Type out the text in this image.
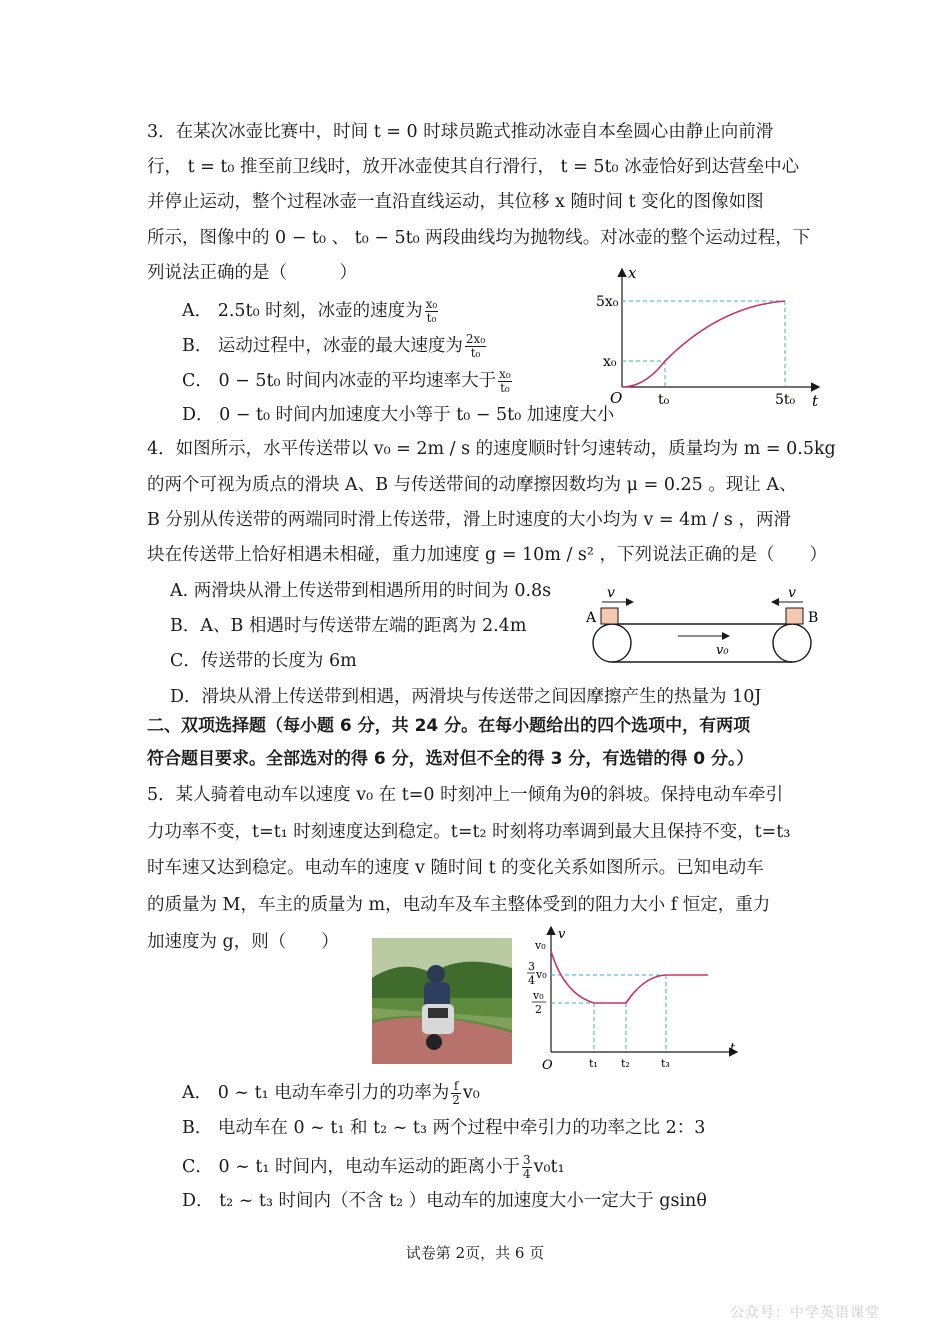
3．在某次冰壶比赛中，时间 t = 0 时球员跪式推动冰壶自本垒圆心由静止向前滑
行， t = t₀ 推至前卫线时，放开冰壶使其自行滑行， t = 5t₀ 冰壶恰好到达营垒中心
并停止运动，整个过程冰壶一直沿直线运动，其位移 x 随时间 t 变化的图像如图
所示，图像中的 0 − t₀ 、 t₀ − 5t₀ 两段曲线均为抛物线。对冰壶的整个运动过程，下
列说法正确的是（　　　）
A． 2.5t₀ 时刻，冰壶的速度为 $\frac{\text{x₀}}{\text{t₀}}$
B． 运动过程中，冰壶的最大速度为 $\frac{\text{2x₀}}{\text{t₀}}$
C． 0 − 5t₀ 时间内冰壶的平均速率大于 $\frac{\text{x₀}}{\text{t₀}}$
D． 0 − t₀ 时间内加速度大小等于 t₀ − 5t₀ 加速度大小
x
t
O
5x₀
x₀
t₀	5t₀
4．如图所示，水平传送带以 v₀ = 2m / s 的速度顺时针匀速转动，质量均为 m = 0.5kg
的两个可视为质点的滑块 A、B 与传送带间的动摩擦因数均为 μ = 0.25 。现让 A、
B 分别从传送带的两端同时滑上传送带，滑上时速度的大小均为 v = 4m / s ，两滑
块在传送带上恰好相遇未相碰，重力加速度 g = 10m / s² ，下列说法正确的是（　　）
A. 两滑块从滑上传送带到相遇所用的时间为 0.8s
B．A、B 相遇时与传送带左端的距离为 2.4m
C．传送带的长度为 6m
D．滑块从滑上传送带到相遇，两滑块与传送带之间因摩擦产生的热量为 10J
A	B
v	v
v₀
二、双项选择题（每小题 6 分，共 24 分。在每小题给出的四个选项中，有两项
符合题目要求。全部选对的得 6 分，选对但不全的得 3 分，有选错的得 0 分。）
5．某人骑着电动车以速度 v₀ 在 t=0 时刻冲上一倾角为θ的斜坡。保持电动车牵引
力功率不变，t=t₁ 时刻速度达到稳定。t=t₂ 时刻将功率调到最大且保持不变，t=t₃
时车速又达到稳定。电动车的速度 v 随时间 t 的变化关系如图所示。已知电动车
的质量为 M，车主的质量为 m，电动车及车主整体受到的阻力大小 f 恒定，重力
加速度为 g，则（　　）	v
t
O
v₀
3
4 v₀
v₀
2
t₁ t₂	t₃
A． 0 ~ t₁ 电动车牵引力的功率为 $\frac{f}{2} v_0$
B． 电动车在 0 ~ t₁ 和 t₂ ~ t₃ 两个过程中牵引力的功率之比 2：3
C． 0 ~ t₁ 时间内，电动车运动的距离小于 $\frac{3}{4} v_0t_1$
D． t₂ ~ t₃ 时间内（不含 t₂ ）电动车的加速度大小一定大于 gsinθ
试卷第 2页，共 6 页
公众号：中学英语课堂
